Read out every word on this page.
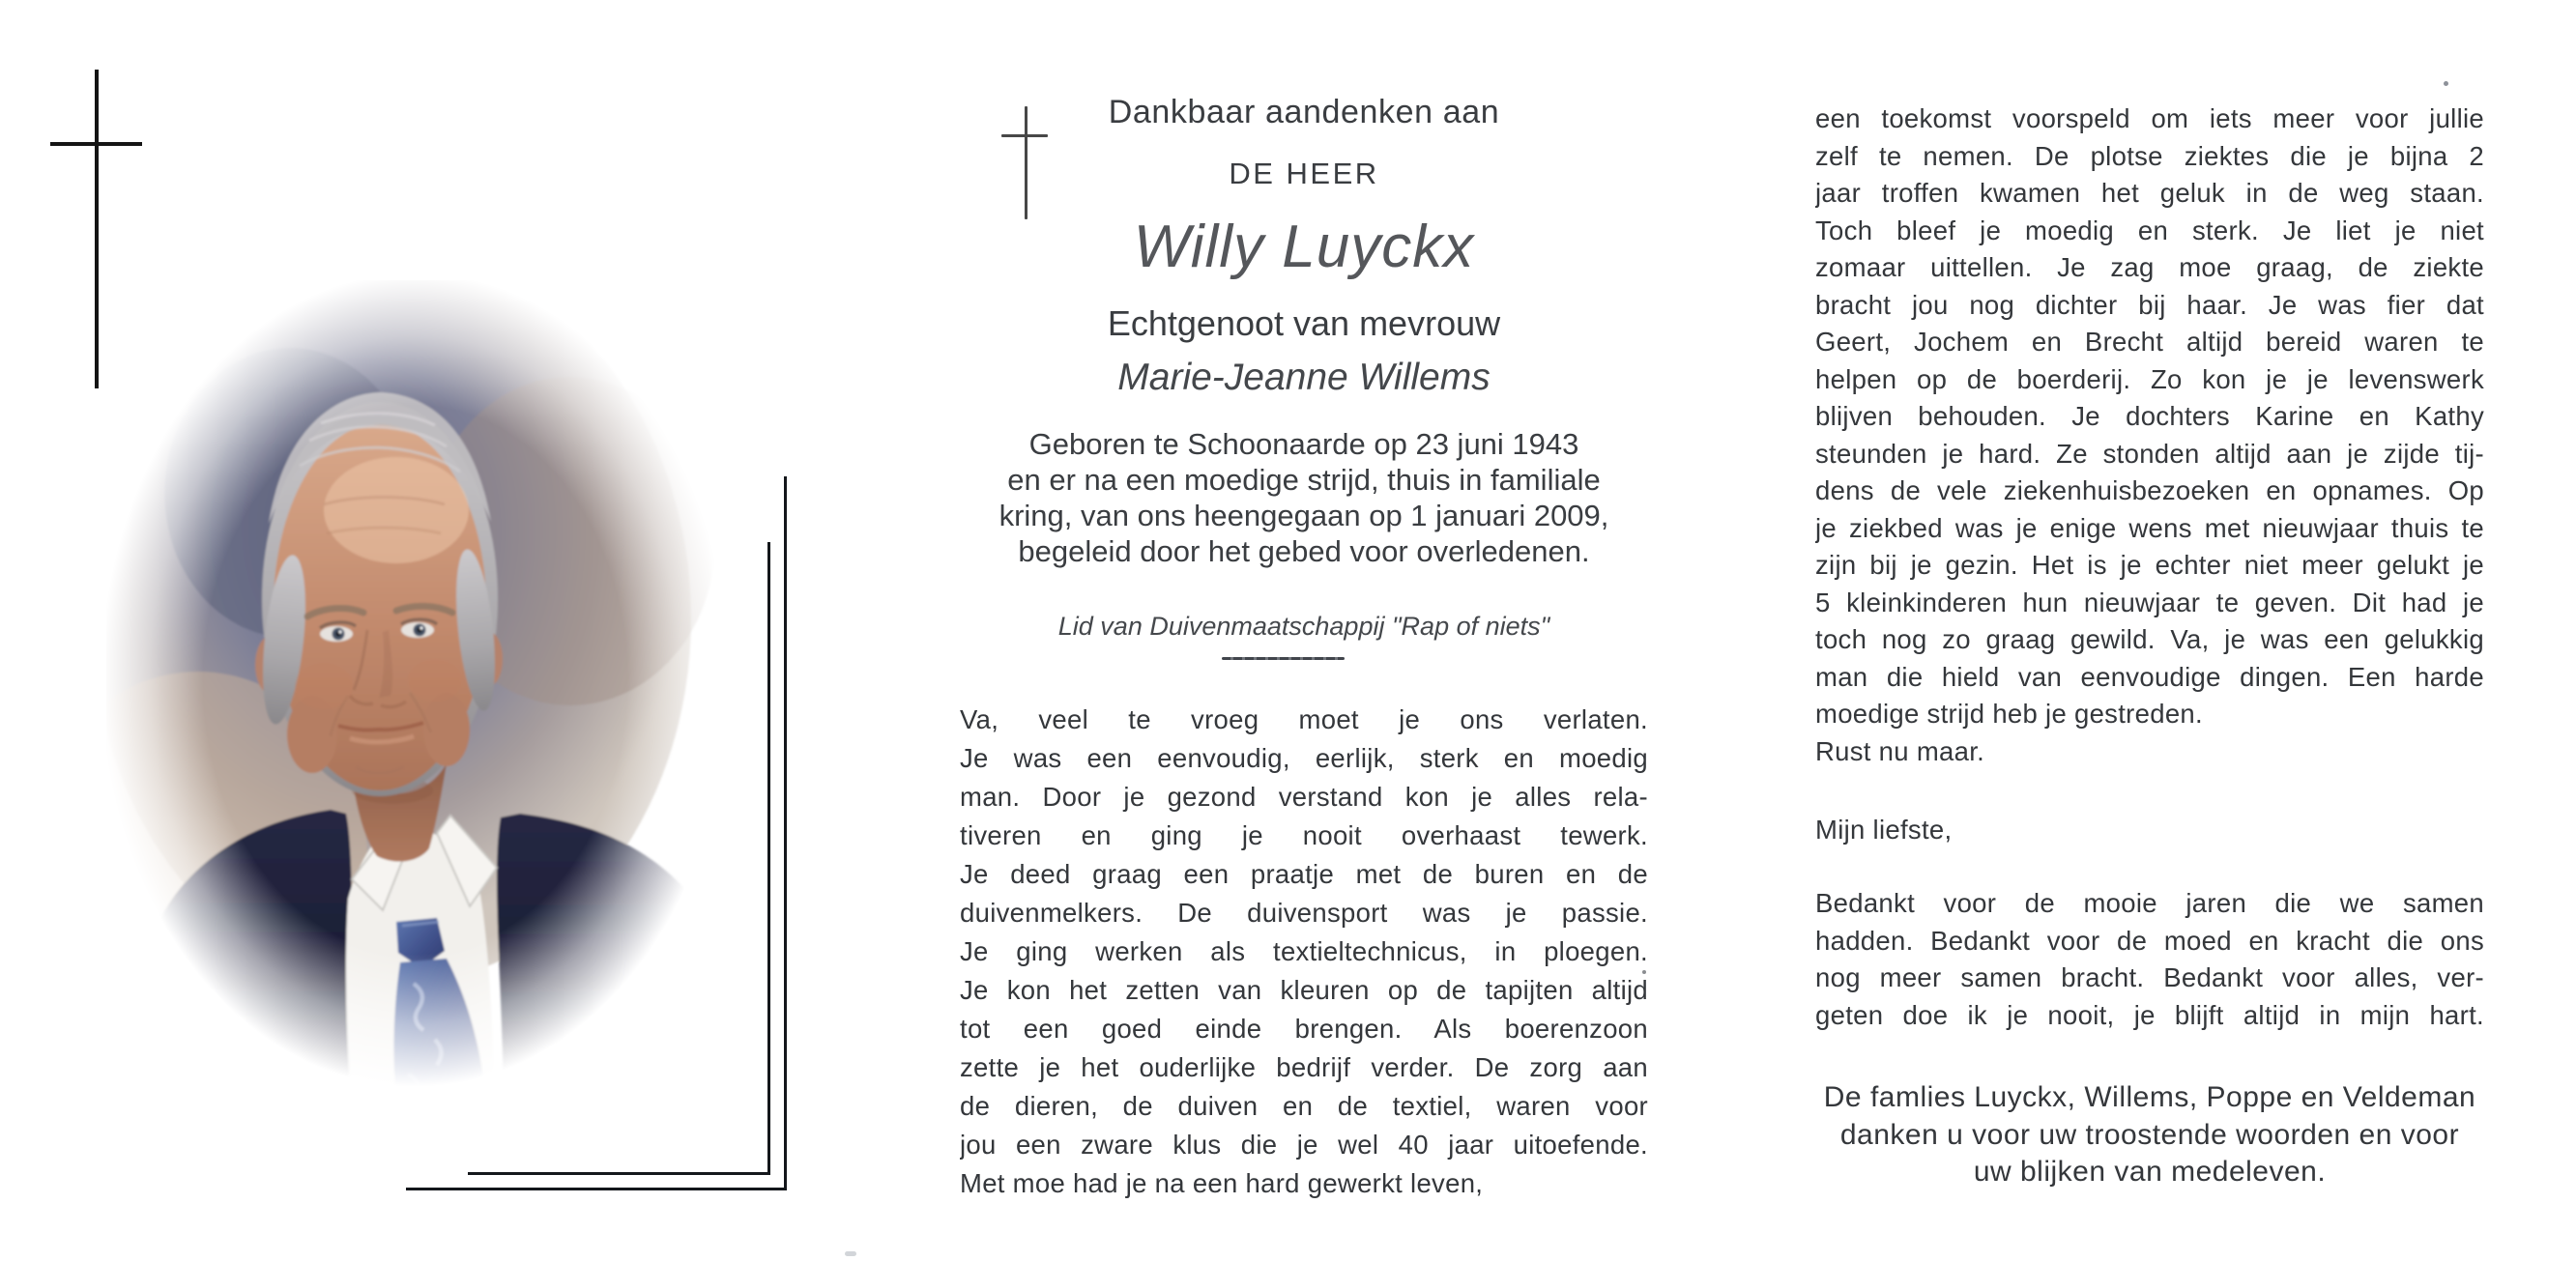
Dankbaar aandenken aan
DE HEER
Willy Luyckx
Echtgenoot van mevrouw
Marie-Jeanne Willems
Geboren te Schoonaarde op 23 juni 1943
en er na een moedige strijd, thuis in familiale
kring, van ons heengegaan op 1 januari 2009,
begeleid door het gebed voor overledenen.
Lid van Duivenmaatschappij "Rap of niets"
Va, veel te vroeg moet je ons verlaten.
Je was een eenvoudig, eerlijk, sterk en moedig
man. Door je gezond verstand kon je alles rela-
tiveren en ging je nooit overhaast tewerk.
Je deed graag een praatje met de buren en de
duivenmelkers. De duivensport was je passie.
Je ging werken als textieltechnicus, in ploegen.
Je kon het zetten van kleuren op de tapijten altijd
tot een goed einde brengen. Als boerenzoon
zette je het ouderlijke bedrijf verder. De zorg aan
de dieren, de duiven en de textiel, waren voor
jou een zware klus die je wel 40 jaar uitoefende.
Met moe had je na een hard gewerkt leven,
een toekomst voorspeld om iets meer voor jullie
zelf te nemen. De plotse ziektes die je bijna 2
jaar troffen kwamen het geluk in de weg staan.
Toch bleef je moedig en sterk. Je liet je niet
zomaar uittellen. Je zag moe graag, de ziekte
bracht jou nog dichter bij haar. Je was fier dat
Geert, Jochem en Brecht altijd bereid waren te
helpen op de boerderij. Zo kon je je levenswerk
blijven behouden. Je dochters Karine en Kathy
steunden je hard. Ze stonden altijd aan je zijde tij-
dens de vele ziekenhuisbezoeken en opnames. Op
je ziekbed was je enige wens met nieuwjaar thuis te
zijn bij je gezin. Het is je echter niet meer gelukt je
5 kleinkinderen hun nieuwjaar te geven. Dit had je
toch nog zo graag gewild. Va, je was een gelukkig
man die hield van eenvoudige dingen. Een harde
moedige strijd heb je gestreden.
Rust nu maar.
Mijn liefste,
Bedankt voor de mooie jaren die we samen
hadden. Bedankt voor de moed en kracht die ons
nog meer samen bracht. Bedankt voor alles, ver-
geten doe ik je nooit, je blijft altijd in mijn hart.
De famlies Luyckx, Willems, Poppe en Veldeman
danken u voor uw troostende woorden en voor
uw blijken van medeleven.
